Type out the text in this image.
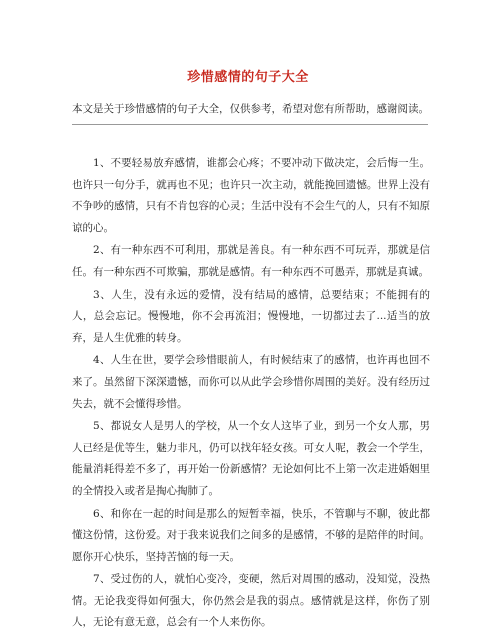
珍惜感情的句子大全
本文是关于珍惜感情的句子大全，仅供参考，希望对您有所帮助，感谢阅读。

1、不要轻易放弃感情，谁都会心疼；不要冲动下做决定，会后悔一生。也许只一句分手，就再也不见；也许只一次主动，就能挽回遗憾。世界上没有不争吵的感情，只有不肯包容的心灵；生活中没有不会生气的人，只有不知原谅的心。

2、有一种东西不可利用，那就是善良。有一种东西不可玩弄，那就是信任。有一种东西不可欺骗，那就是感情。有一种东西不可愚弄，那就是真诚。

3、人生，没有永远的爱情，没有结局的感情，总要结束；不能拥有的人，总会忘记。慢慢地，你不会再流泪；慢慢地，一切都过去了...适当的放弃，是人生优雅的转身。

4、人生在世，要学会珍惜眼前人，有时候结束了的感情，也许再也回不来了。虽然留下深深遗憾，而你可以从此学会珍惜你周围的美好。没有经历过失去，就不会懂得珍惜。

5、都说女人是男人的学校，从一个女人这毕了业，到另一个女人那，男人已经是优等生，魅力非凡，仍可以找年轻女孩。可女人呢，教会一个学生，能量消耗得差不多了，再开始一份新感情？无论如何比不上第一次走进婚姻里的全情投入或者是掏心掏肺了。

6、和你在一起的时间是那么的短暂幸福，快乐，不管聊与不聊，彼此都懂这份情，这份爱。对于我来说我们之间多的是感情，不够的是陪伴的时间。愿你开心快乐，坚持苦恼的每一天。

7、受过伤的人，就怕心变冷，变硬，然后对周围的感动，没知觉，没热情。无论我变得如何强大，你仍然会是我的弱点。感情就是这样，你伤了别人，无论有意无意，总会有一个人来伤你。
